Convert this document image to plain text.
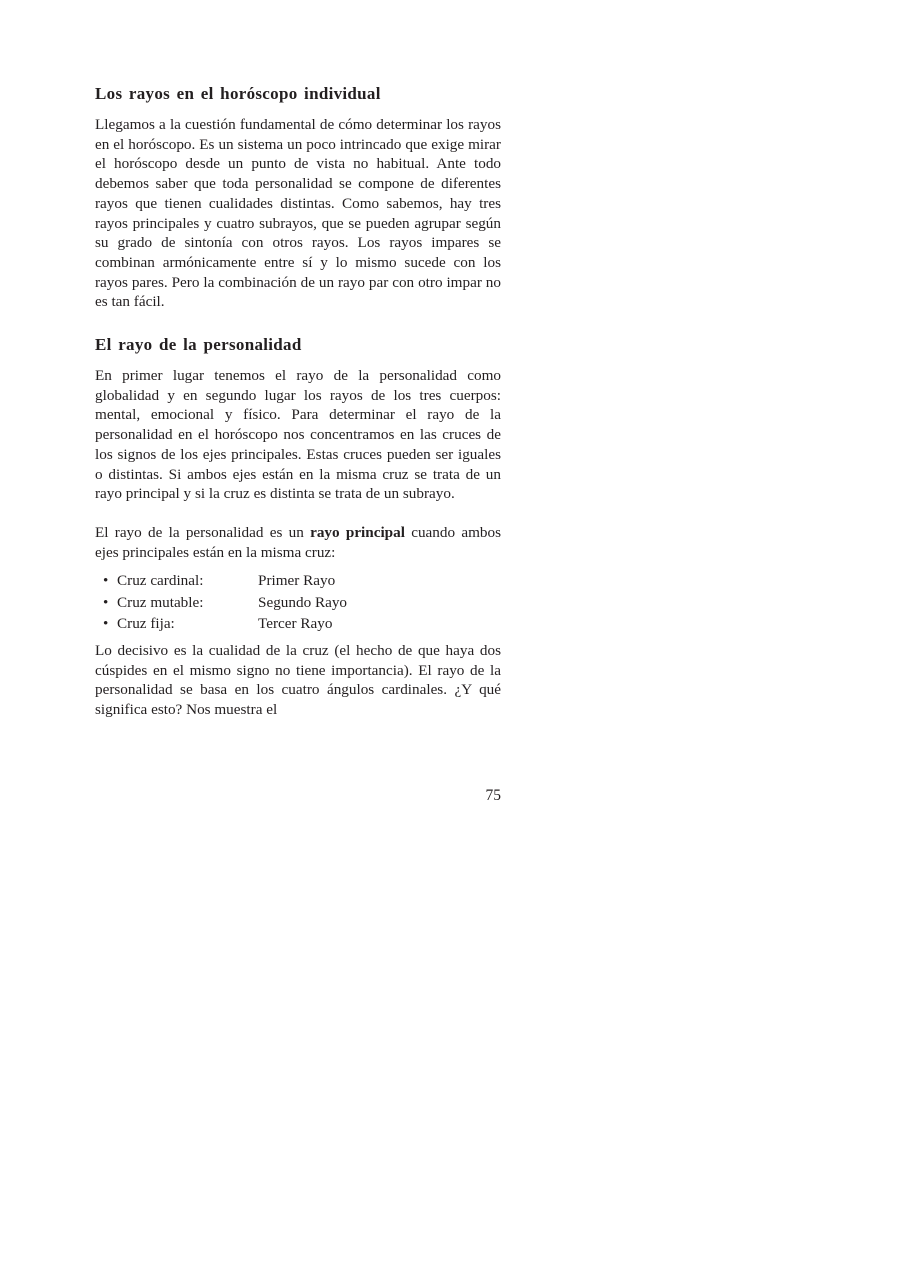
Los rayos en el horóscopo individual

Llegamos a la cuestión fundamental de cómo determinar los rayos en el horóscopo. Es un sistema un poco intrincado que exige mirar el horóscopo desde un punto de vista no habitual. Ante todo debemos saber que toda personalidad se compone de diferentes rayos que tienen cualidades distintas. Como sabemos, hay tres rayos principales y cuatro subrayos, que se pueden agrupar según su grado de sintonía con otros rayos. Los rayos impares se combinan armónicamente entre sí y lo mismo sucede con los rayos pares. Pero la combinación de un rayo par con otro impar no es tan fácil.

El rayo de la personalidad

En primer lugar tenemos el rayo de la personalidad como globalidad y en segundo lugar los rayos de los tres cuerpos: mental, emocional y físico. Para determinar el rayo de la personalidad en el horóscopo nos concentramos en las cruces de los signos de los ejes principales. Estas cruces pueden ser iguales o distintas. Si ambos ejes están en la misma cruz se trata de un rayo principal y si la cruz es distinta se trata de un subrayo.

El rayo de la personalidad es un rayo principal cuando ambos ejes principales están en la misma cruz:

• Cruz cardinal:	Primer Rayo
• Cruz mutable:	Segundo Rayo
• Cruz fija:	Tercer Rayo

Lo decisivo es la cualidad de la cruz (el hecho de que haya dos cúspides en el mismo signo no tiene importancia). El rayo de la personalidad se basa en los cuatro ángulos cardinales. ¿Y qué significa esto? Nos muestra el

75
